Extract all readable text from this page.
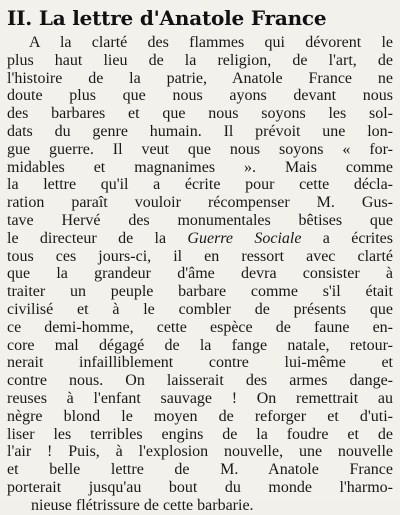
II. La lettre d'Anatole France
A la clarté des flammes qui dévorent le
plus haut lieu de la religion, de l'art, de
l'histoire de la patrie, Anatole France ne
doute plus que nous ayons devant nous
des barbares et que nous soyons les sol-
dats du genre humain. Il prévoit une lon-
gue guerre. Il veut que nous soyons « for-
midables et magnanimes ». Mais comme
la lettre qu'il a écrite pour cette décla-
ration paraît vouloir récompenser M. Gus-
tave Hervé des monumentales bêtises que
le directeur de la Guerre Sociale a écrites
tous ces jours-ci, il en ressort avec clarté
que la grandeur d'âme devra consister à
traiter un peuple barbare comme s'il était
civilisé et à le combler de présents que
ce demi-homme, cette espèce de faune en-
core mal dégagé de la fange natale, retour-
nerait infailliblement contre lui-même et
contre nous. On laisserait des armes dange-
reuses à l'enfant sauvage ! On remettrait au
nègre blond le moyen de reforger et d'uti-
liser les terribles engins de la foudre et de
l'air ! Puis, à l'explosion nouvelle, une nouvelle
et belle lettre de M. Anatole France
porterait jusqu'au bout du monde l'harmo-
nieuse flétrissure de cette barbarie.
